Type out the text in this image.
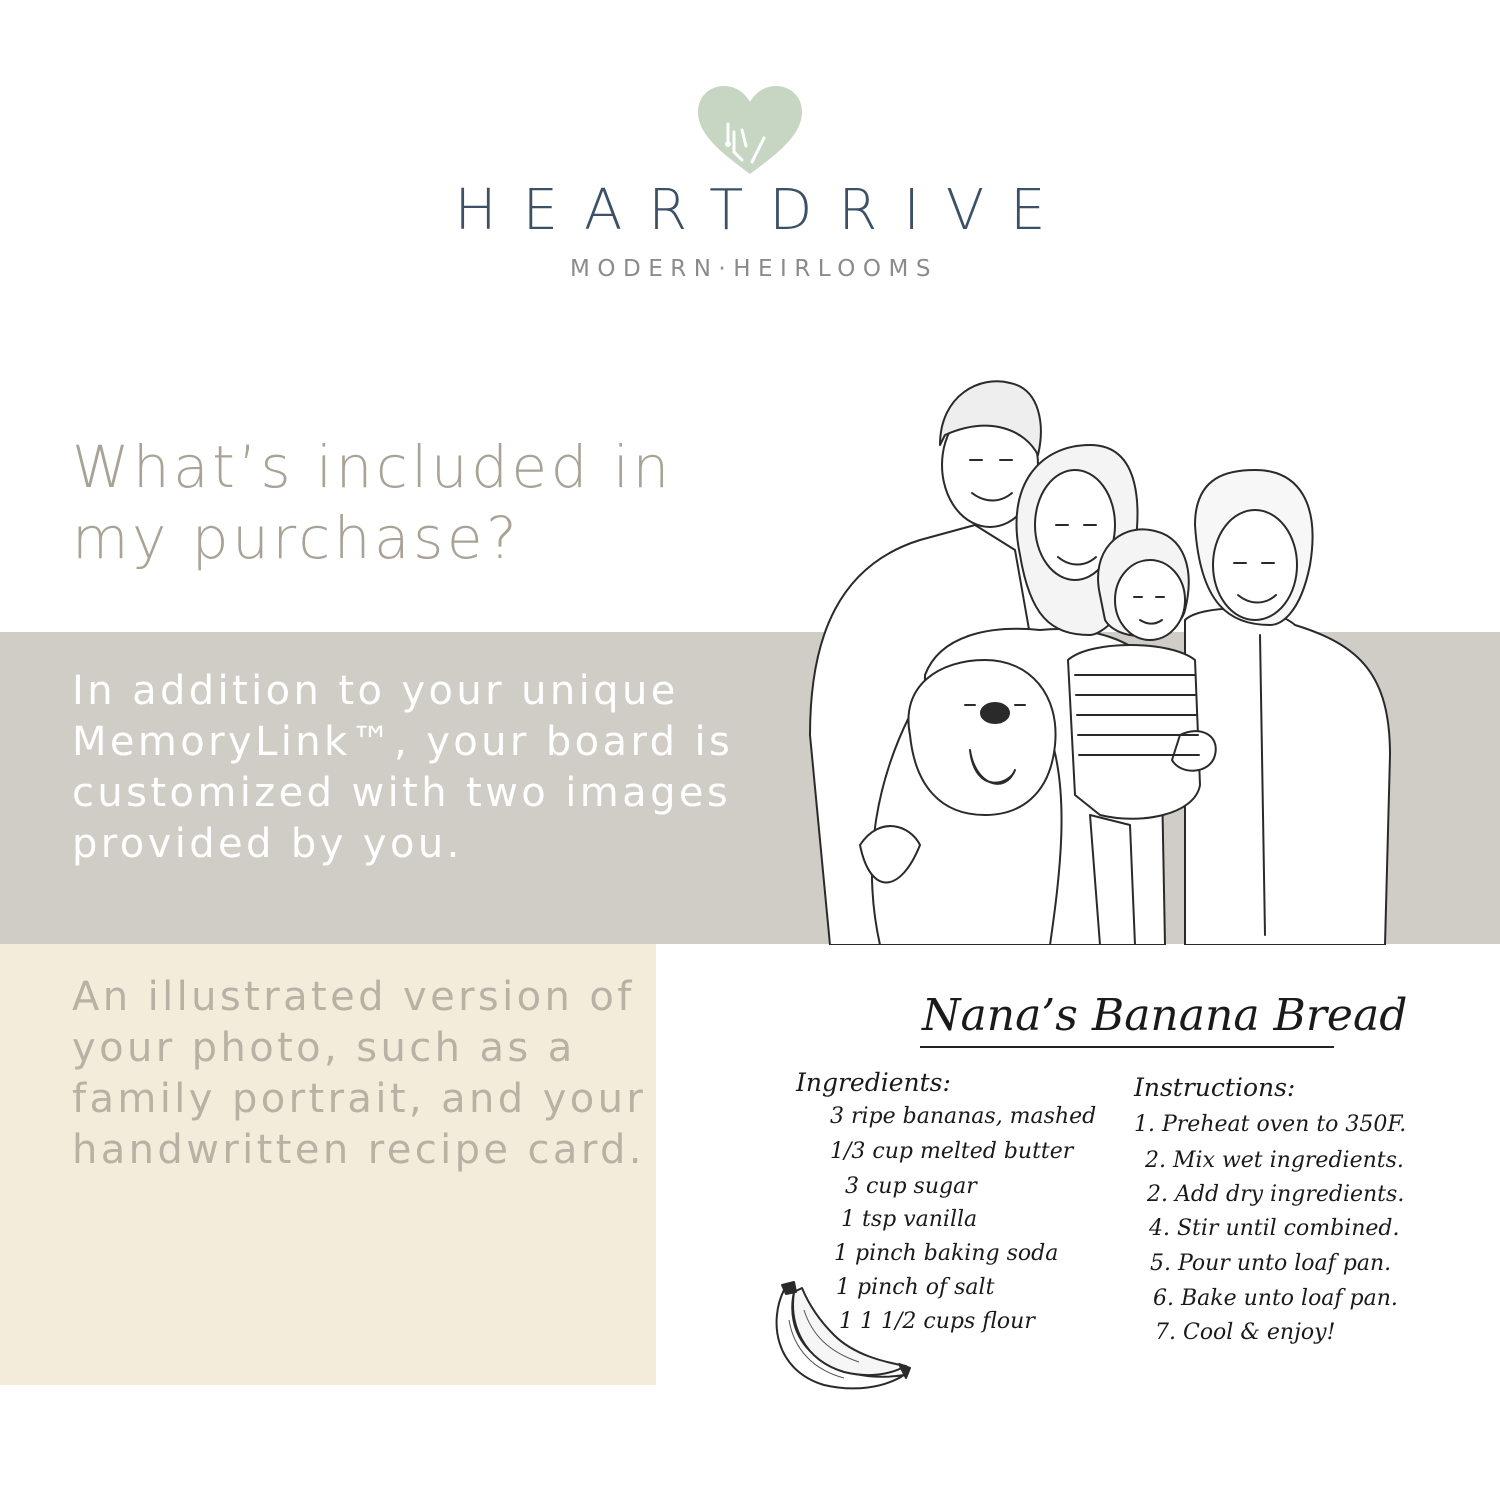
HEARTDRIVE
MODERN·HEIRLOOMS
What’s included in my purchase?
In addition to your unique MemoryLink™, your board is customized with two images provided by you.
An illustrated version of your photo, such as a family portrait, and your handwritten recipe card.
Nana’s Banana Bread
Ingredients:
3 ripe bananas, mashed
1/3 cup melted butter
3 cup sugar
1 tsp vanilla
1 pinch baking soda
1 pinch of salt
1 1 1/2 cups flour
Instructions:
1. Preheat oven to 350F.
2. Mix wet ingredients.
2. Add dry ingredients.
4. Stir until combined.
5. Pour unto loaf pan.
6. Bake unto loaf pan.
7. Cool & enjoy!
